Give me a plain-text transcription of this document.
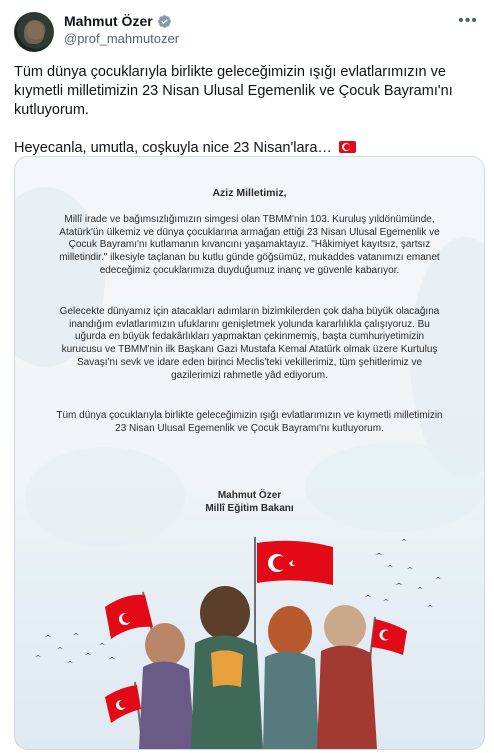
Mahmut Özer
@prof_mahmutozer
•••

Tüm dünya çocuklarıyla birlikte geleceğimizin ışığı evlatlarımızın ve kıymetli milletimizin 23 Nisan Ulusal Egemenlik ve Çocuk Bayramı'nı kutluyorum.

Heyecanla, umutla, coşkuyla nice 23 Nisan'lara…

Aziz Milletimiz,
Millî irade ve bağımsızlığımızın simgesi olan TBMM'nin 103. Kuruluş yıldönümünde, Atatürk'ün ülkemiz ve dünya çocuklarına armağan ettiği 23 Nisan Ulusal Egemenlik ve Çocuk Bayramı'nı kutlamanın kıvancını yaşamaktayız. "Hâkimiyet kayıtsız, şartsız milletindir." ilkesiyle taçlanan bu kutlu günde göğsümüz, mukaddes vatanımızı emanet edeceğimiz çocuklarımıza duyduğumuz inanç ve güvenle kabarıyor.
Gelecekte dünyamız için atacakları adımların bizimkilerden çok daha büyük olacağına inandığım evlatlarımızın ufuklarını genişletmek yolunda kararlılıkla çalışıyoruz. Bu uğurda en büyük fedakârlıkları yapmaktan çekinmemiş, başta cumhuriyetimizin kurucusu ve TBMM'nin ilk Başkanı Gazi Mustafa Kemal Atatürk olmak üzere Kurtuluş Savaşı'nı sevk ve idare eden birinci Meclis'teki vekillerimiz, tüm şehitlerimiz ve gazilerimizi rahmetle yâd ediyorum.
Tüm dünya çocuklarıyla birlikte geleceğimizin ışığı evlatlarımızın ve kıymetli milletimizin 23 Nisan Ulusal Egemenlik ve Çocuk Bayramı'nı kutluyorum.
Mahmut Özer
Millî Eğitim Bakanı
